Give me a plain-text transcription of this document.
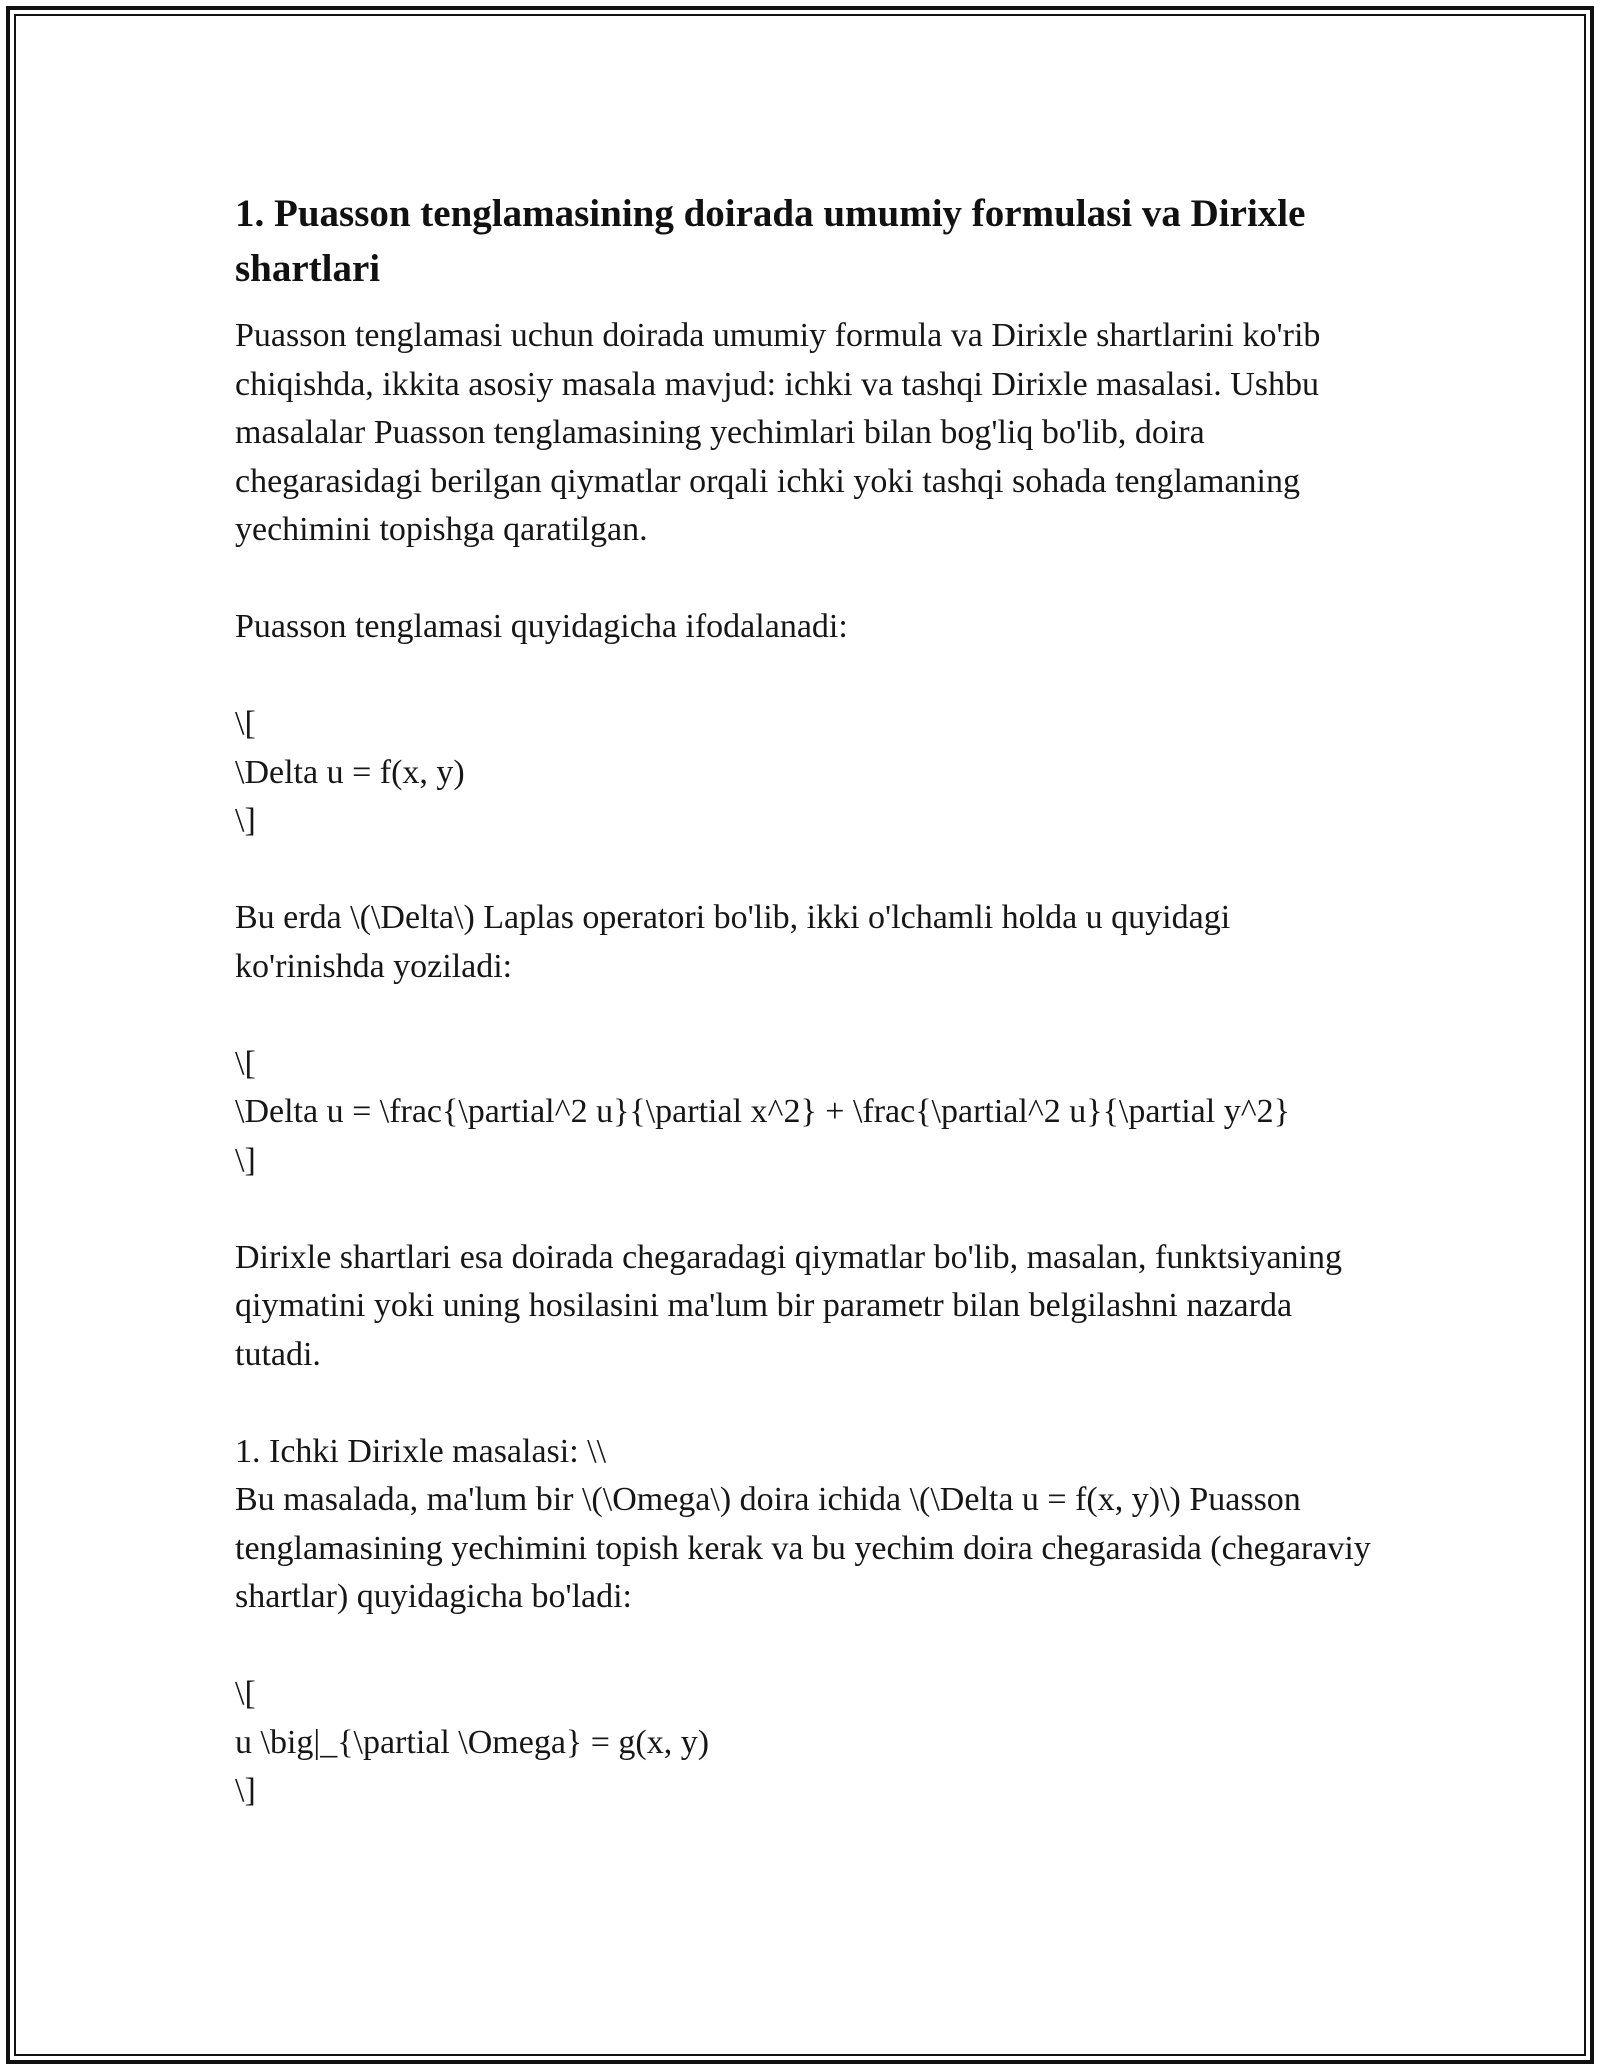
1. Puasson tenglamasining doirada umumiy formulasi va Dirixle shartlari

Puasson tenglamasi uchun doirada umumiy formula va Dirixle shartlarini ko'rib chiqishda, ikkita asosiy masala mavjud: ichki va tashqi Dirixle masalasi. Ushbu masalalar Puasson tenglamasining yechimlari bilan bog'liq bo'lib, doira chegarasidagi berilgan qiymatlar orqali ichki yoki tashqi sohada tenglamaning yechimini topishga qaratilgan.

Puasson tenglamasi quyidagicha ifodalanadi:

\[
\Delta u = f(x, y)
\]

Bu erda \(\Delta\) Laplas operatori bo'lib, ikki o'lchamli holda u quyidagi ko'rinishda yoziladi:

\[
\Delta u = \frac{\partial^2 u}{\partial x^2} + \frac{\partial^2 u}{\partial y^2}
\]

Dirixle shartlari esa doirada chegaradagi qiymatlar bo'lib, masalan, funktsiyaning qiymatini yoki uning hosilasini ma'lum bir parametr bilan belgilashni nazarda tutadi.

1. Ichki Dirixle masalasi: \\
Bu masalada, ma'lum bir \(\Omega\) doira ichida \(\Delta u = f(x, y)\) Puasson tenglamasining yechimini topish kerak va bu yechim doira chegarasida (chegaraviy shartlar) quyidagicha bo'ladi:
\[
u \big|_{\partial \Omega} = g(x, y)
\]
